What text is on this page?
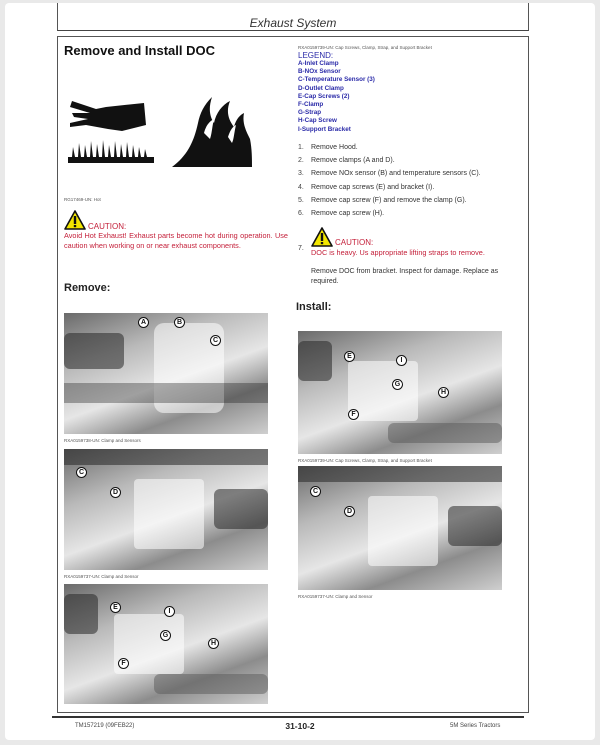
Exhaust System
Remove and Install DOC
RG17469-UN: Hot
CAUTION:
Avoid Hot Exhaust! Exhaust parts become hot during operation. Use caution when working on or near exhaust components.
Remove:
A	B
C
RXA0159738-UN: Clamp and Sensors
C
D
RXA0159737-UN: Clamp and Sensor
E
I
G
F
H
RXA0159739-UN: Cap Screws, Clamp, Strap, and Support Bracket
LEGEND:
A-Inlet Clamp
B-NOx Sensor
C-Temperature Sensor (3)
D-Outlet Clamp
E-Cap Screws (2)
F-Clamp
G-Strap
H-Cap Screw
I-Support Bracket
1.	Remove Hood.
2.	Remove clamps (A and D).
3.	Remove NOx sensor (B) and temperature sensors (C).
4.	Remove cap screws (E) and bracket (I).
5.	Remove cap screw (F) and remove the clamp (G).
6.	Remove cap screw (H).
7.
CAUTION:
DOC is heavy. Us appropriate lifting straps to remove.
Remove DOC from bracket. Inspect for damage. Replace as required.
Install:
E
I
G
F
H
RXA0159739-UN: Cap Screws, Clamp, Strap, and Support Bracket
C
D
RXA0159737-UN: Clamp and Sensor
TM157219 (09FEB22)	31-10-2	5M Series Tractors
